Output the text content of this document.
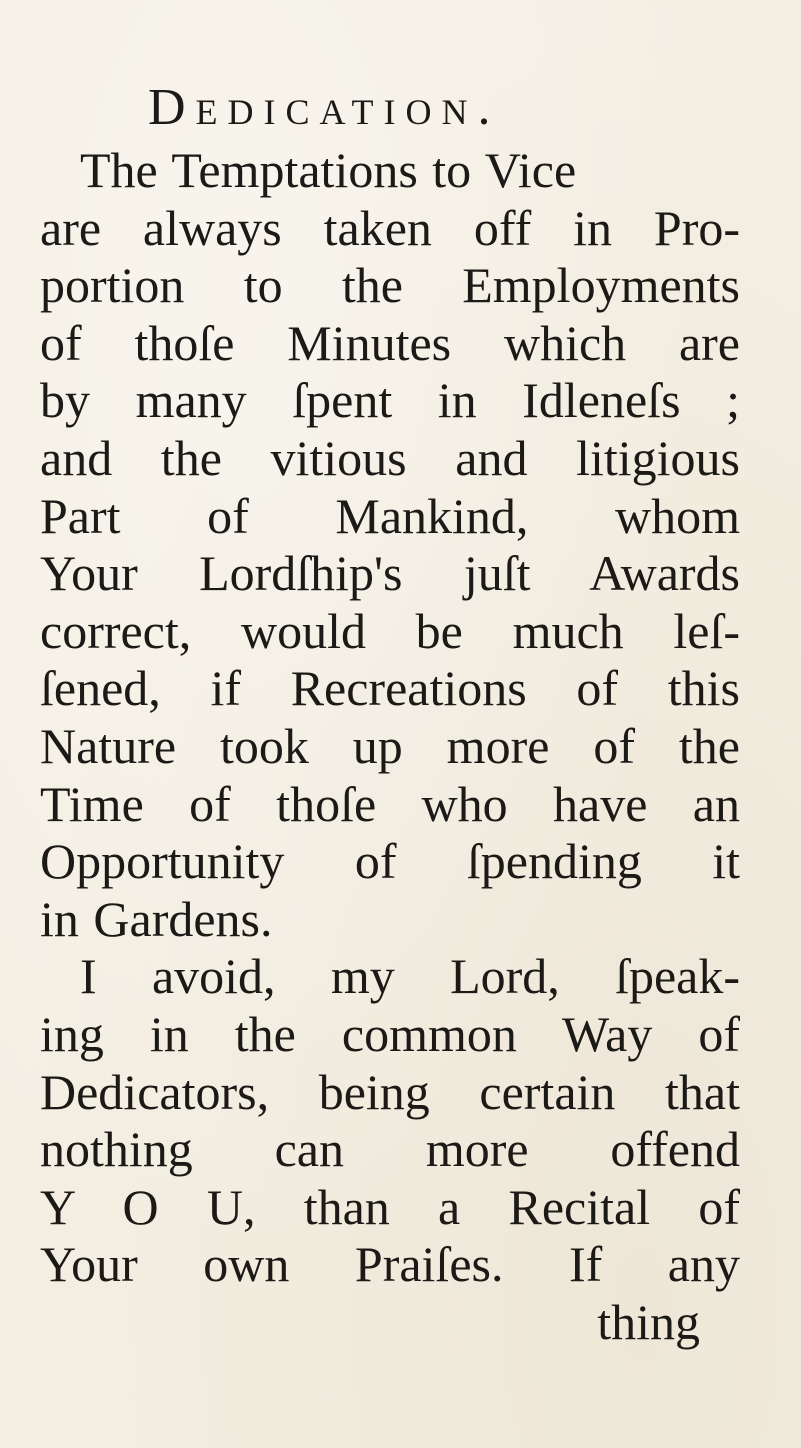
Dedication.
The Temptations to Vice
are always taken off in Pro-
portion to the Employments
of thoſe Minutes which are
by many ſpent in Idleneſs ;
and the vitious and litigious
Part of Mankind, whom
Your Lordſhip's juſt Awards
correct, would be much leſ-
ſened, if Recreations of this
Nature took up more of the
Time of thoſe who have an
Opportunity of ſpending it
in Gardens.
I avoid, my Lord, ſpeak-
ing in the common Way of
Dedicators, being certain that
nothing can more offend
Y O U, than a Recital of
Your own Praiſes. If any
thing
